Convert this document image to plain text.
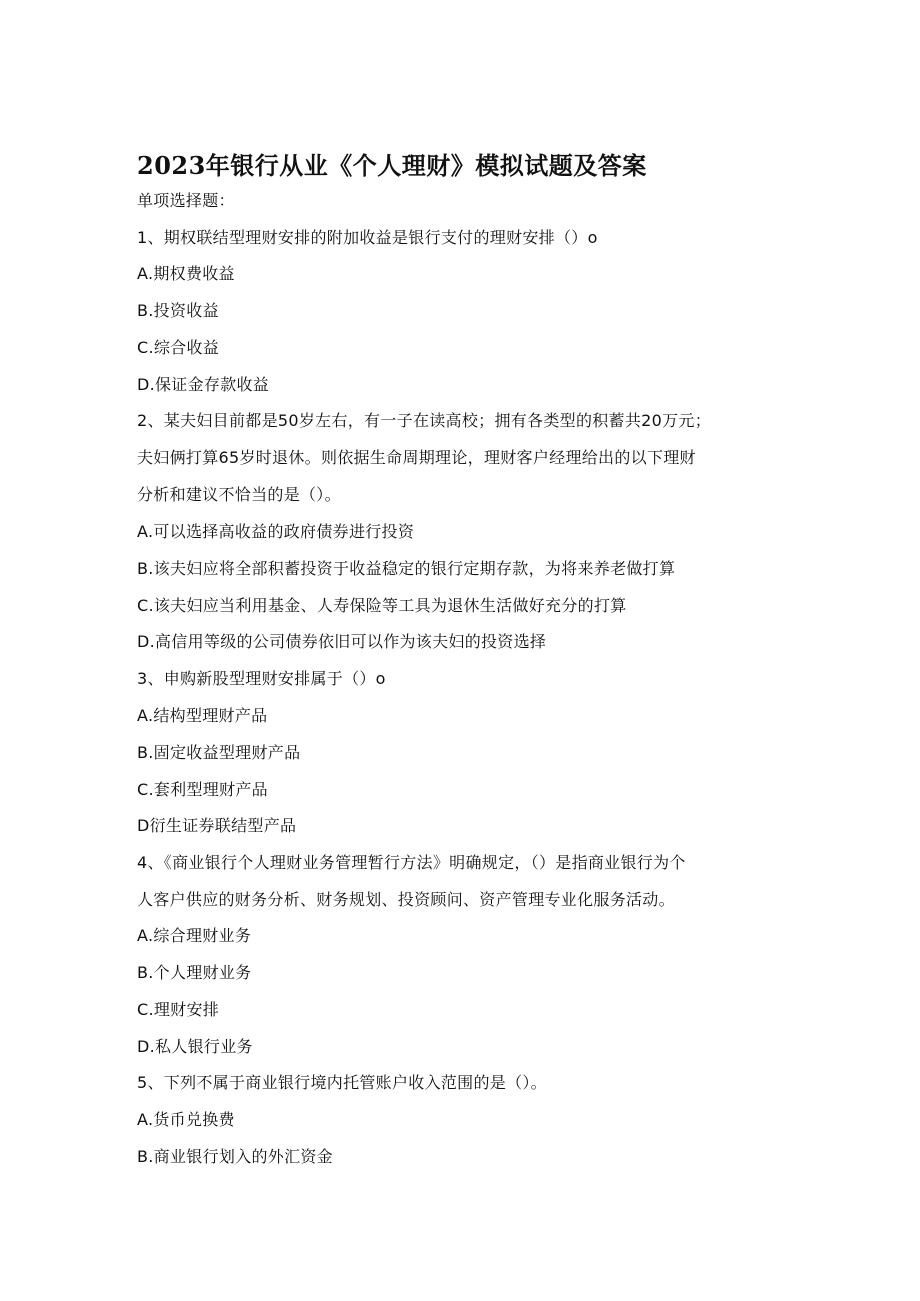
2023年银行从业《个人理财》模拟试题及答案
单项选择题：
1、期权联结型理财安排的附加收益是银行支付的理财安排（）o
A.期权费收益
B.投资收益
C.综合收益
D.保证金存款收益
2、某夫妇目前都是50岁左右，有一子在读高校；拥有各类型的积蓄共20万元；
夫妇俩打算65岁时退休。则依据生命周期理论，理财客户经理给出的以下理财
分析和建议不恰当的是（）。
A.可以选择高收益的政府债券进行投资
B.该夫妇应将全部积蓄投资于收益稳定的银行定期存款，为将来养老做打算
C.该夫妇应当利用基金、人寿保险等工具为退休生活做好充分的打算
D.高信用等级的公司债券依旧可以作为该夫妇的投资选择
3、申购新股型理财安排属于（）o
A.结构型理财产品
B.固定收益型理财产品
C.套利型理财产品
D衍生证券联结型产品
4、《商业银行个人理财业务管理暂行方法》明确规定，（）是指商业银行为个
人客户供应的财务分析、财务规划、投资顾问、资产管理专业化服务活动。
A.综合理财业务
B.个人理财业务
C.理财安排
D.私人银行业务
5、下列不属于商业银行境内托管账户收入范围的是（）。
A.货币兑换费
B.商业银行划入的外汇资金
